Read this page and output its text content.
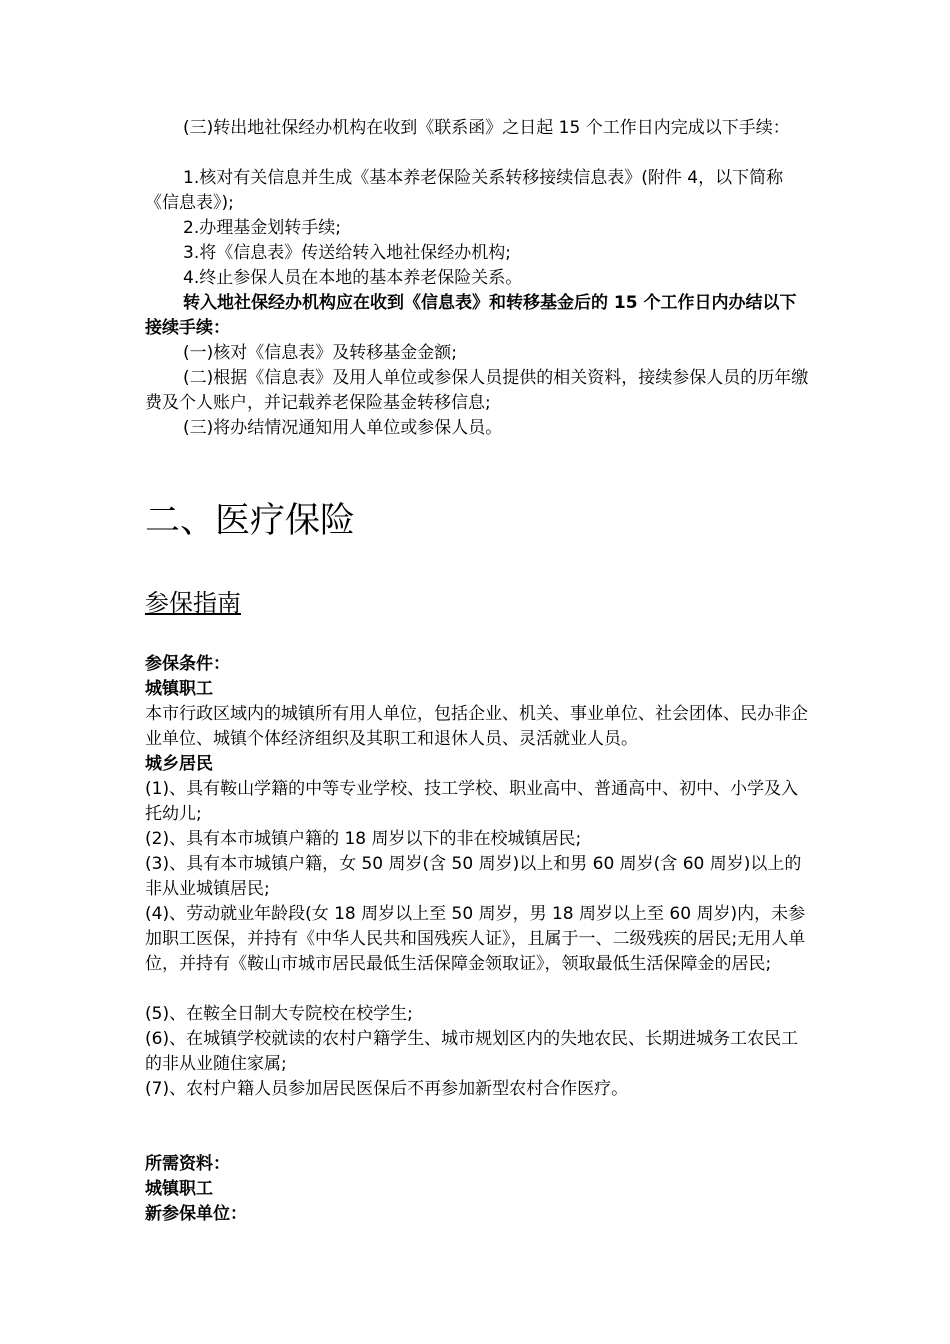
(三)转出地社保经办机构在收到《联系函》之日起 15 个工作日内完成以下手续：

1.核对有关信息并生成《基本养老保险关系转移接续信息表》(附件 4，以下简称《信息表》);

2.办理基金划转手续;

3.将《信息表》传送给转入地社保经办机构;

4.终止参保人员在本地的基本养老保险关系。

转入地社保经办机构应在收到《信息表》和转移基金后的 15 个工作日内办结以下接续手续：

(一)核对《信息表》及转移基金金额;

(二)根据《信息表》及用人单位或参保人员提供的相关资料，接续参保人员的历年缴费及个人账户，并记载养老保险基金转移信息;

(三)将办结情况通知用人单位或参保人员。

二、医疗保险
参保指南

参保条件：

城镇职工

本市行政区域内的城镇所有用人单位，包括企业、机关、事业单位、社会团体、民办非企业单位、城镇个体经济组织及其职工和退休人员、灵活就业人员。

城乡居民

(1)、具有鞍山学籍的中等专业学校、技工学校、职业高中、普通高中、初中、小学及入托幼儿;

(2)、具有本市城镇户籍的 18 周岁以下的非在校城镇居民;

(3)、具有本市城镇户籍，女 50 周岁(含 50 周岁)以上和男 60 周岁(含 60 周岁)以上的非从业城镇居民;

(4)、劳动就业年龄段(女 18 周岁以上至 50 周岁，男 18 周岁以上至 60 周岁)内，未参加职工医保，并持有《中华人民共和国残疾人证》，且属于一、二级残疾的居民;无用人单位，并持有《鞍山市城市居民最低生活保障金领取证》，领取最低生活保障金的居民;

(5)、在鞍全日制大专院校在校学生;

(6)、在城镇学校就读的农村户籍学生、城市规划区内的失地农民、长期进城务工农民工的非从业随住家属;

(7)、农村户籍人员参加居民医保后不再参加新型农村合作医疗。

所需资料：

城镇职工

新参保单位：
